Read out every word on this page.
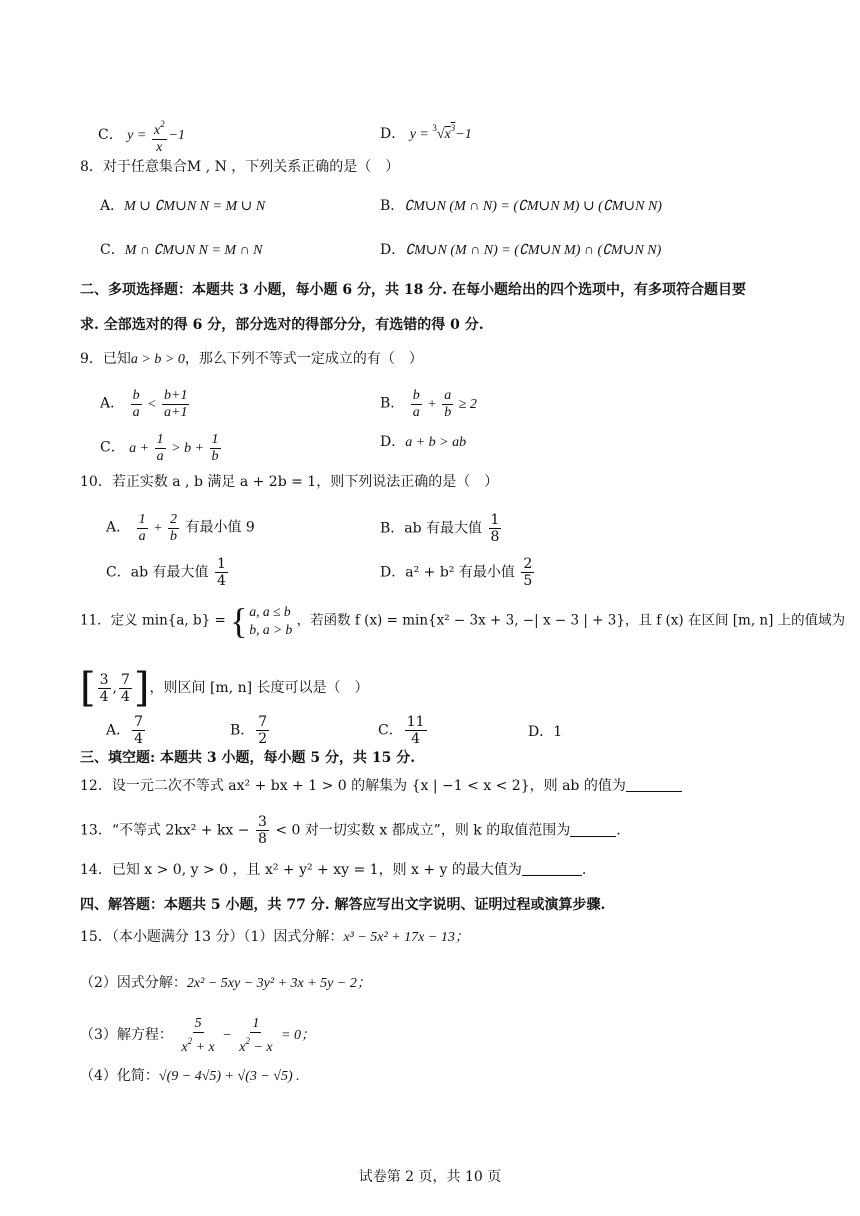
C． $y = \frac{x^2}{x} -1$	D． $y = ^3√x^3-1$
8．对于任意集合M , N ，下列关系正确的是（　）
A．M ∪ ∁M∪N N = M ∪ N	B．∁M∪N (M ∩ N) = (∁M∪N M) ∪ (∁M∪N N)
C．M ∩ ∁M∪N N = M ∩ N	D．∁M∪N (M ∩ N) = (∁M∪N M) ∩ (∁M∪N N)
二、多项选择题：本题共 3 小题，每小题 6 分，共 18 分. 在每小题给出的四个选项中，有多项符合题目要
求. 全部选对的得 6 分，部分选对的得部分分，有选错的得 0 分.
9．已知a > b > 0，那么下列不等式一定成立的有（　）
A． $\frac{b}{a} < \frac{b+1}{a+1}$	B． $\frac{b}{a} + \frac{a}{b} \ge 2$
C． $a + \frac{1}{a} > b + \frac{1}{b}$	D．a + b > ab
10．若正实数 a , b 满足 a + 2b = 1，则下列说法正确的是（　）
A． $\frac{1}{a} + \frac{2}{b}$ 有最小值 9	B．ab 有最大值 $\frac{1}{8}$
C．ab 有最大值 $\frac{1}{4}$	D．a² + b² 有最小值 $\frac{2}{5}$
11．定义 min{a, b} = { a, a ≤ b
b, a > b
，若函数 f (x) = min{x² − 3x + 3, −| x − 3 | + 3}，且 f (x) 在区间 [m, n] 上的值域为
[ $\frac{3}{4}$ , $\frac{7}{4}$ ]，则区间 [m, n] 长度可以是（　）
A． $\frac{7}{4}$	B． $\frac{7}{2}$	C． $\frac{11}{4}$	D．1
三、填空题: 本题共 3 小题，每小题 5 分，共 15 分.
12．设一元二次不等式 ax² + bx + 1 > 0 的解集为 {x | −1 < x < 2}，则 ab 的值为
13．“不等式 2kx² + kx − $\frac{3}{8} < 0$ 对一切实数 x 都成立”，则 k 的取值范围为	.
14．已知 x > 0, y > 0 ，且 x² + y² + xy = 1，则 x + y 的最大值为	.
四、解答题：本题共 5 小题，共 77 分. 解答应写出文字说明、证明过程或演算步骤.
15．（本小题满分 13 分）（1）因式分解：x³ − 5x² + 17x − 13；
（2）因式分解：2x² − 5xy − 3y² + 3x + 5y − 2；
（3）解方程： $\frac{5}{x^2 + x} - \frac{1}{x^2 - x} = 0$；
（4）化简：√(9 − 4√5) + √(3 − √5) .
试卷第 2 页，共 10 页
